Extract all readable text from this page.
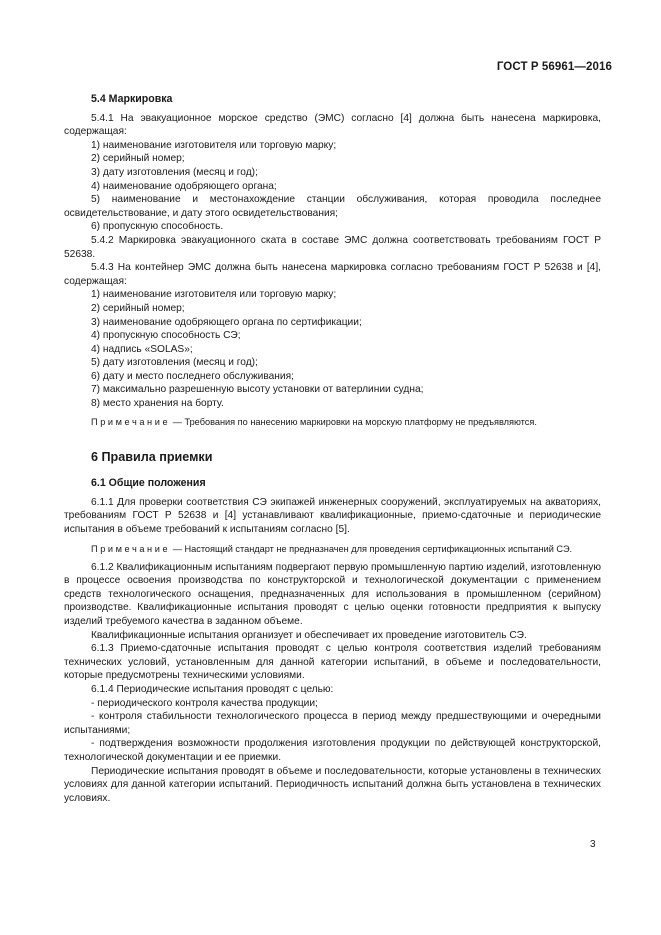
ГОСТ Р 56961—2016
5.4 Маркировка

5.4.1 На эвакуационное морское средство (ЭМС) согласно [4] должна быть нанесена маркировка, содержащая:

1) наименование изготовителя или торговую марку;

2) серийный номер;

3) дату изготовления (месяц и год);

4) наименование одобряющего органа;

5) наименование и местонахождение станции обслуживания, которая проводила последнее освидетельствование, и дату этого освидетельствования;

6) пропускную способность.

5.4.2 Маркировка эвакуационного ската в составе ЭМС должна соответствовать требованиям ГОСТ Р 52638.

5.4.3 На контейнер ЭМС должна быть нанесена маркировка согласно требованиям ГОСТ Р 52638 и [4], содержащая:

1) наименование изготовителя или торговую марку;

2) серийный номер;

3) наименование одобряющего органа по сертификации;

4) пропускную способность СЭ;

4) надпись «SOLAS»;

5) дату изготовления (месяц и год);

6) дату и место последнего обслуживания;

7) максимально разрешенную высоту установки от ватерлинии судна;

8) место хранения на борту.

Примечание — Требования по нанесению маркировки на морскую платформу не предъявляются.

6 Правила приемки
6.1 Общие положения

6.1.1 Для проверки соответствия СЭ экипажей инженерных сооружений, эксплуатируемых на акваториях, требованиям ГОСТ Р 52638 и [4] устанавливают квалификационные, приемо-сдаточные и периодические испытания в объеме требований к испытаниям согласно [5].

Примечание — Настоящий стандарт не предназначен для проведения сертификационных испытаний СЭ.

6.1.2 Квалификационным испытаниям подвергают первую промышленную партию изделий, изготовленную в процессе освоения производства по конструкторской и технологической документации с применением средств технологического оснащения, предназначенных для использования в промышленном (серийном) производстве. Квалификационные испытания проводят с целью оценки готовности предприятия к выпуску изделий требуемого качества в заданном объеме.

Квалификационные испытания организует и обеспечивает их проведение изготовитель СЭ.

6.1.3 Приемо-сдаточные испытания проводят с целью контроля соответствия изделий требованиям технических условий, установленным для данной категории испытаний, в объеме и последовательности, которые предусмотрены техническими условиями.

6.1.4 Периодические испытания проводят с целью:

- периодического контроля качества продукции;

- контроля стабильности технологического процесса в период между предшествующими и очередными испытаниями;

- подтверждения возможности продолжения изготовления продукции по действующей конструкторской, технологической документации и ее приемки.

Периодические испытания проводят в объеме и последовательности, которые установлены в технических условиях для данной категории испытаний. Периодичность испытаний должна быть установлена в технических условиях.

3
